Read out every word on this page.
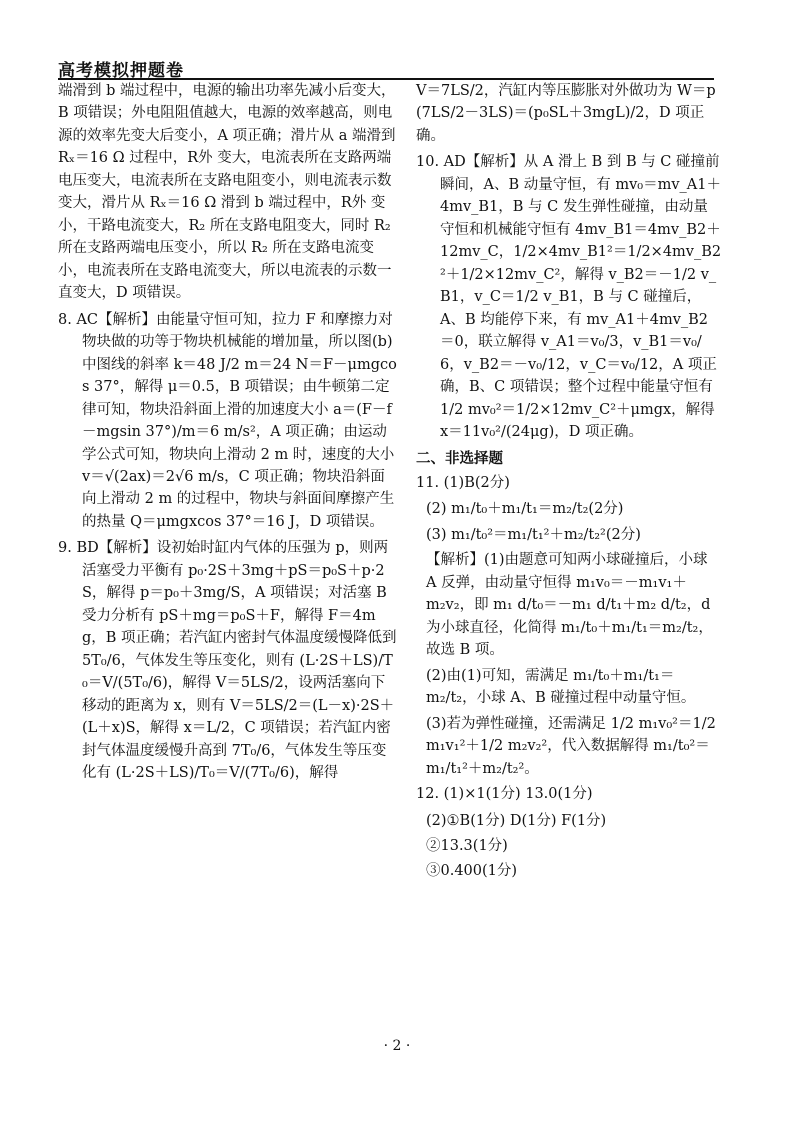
高考模拟押题卷

端滑到 b 端过程中，电源的输出功率先减小后变大，B 项错误；外电阻阻值越大，电源的效率越高，则电源的效率先变大后变小，A 项正确；滑片从 a 端滑到 Rₓ＝16 Ω 过程中，R外 变大，电流表所在支路两端电压变大，电流表所在支路电阻变小，则电流表示数变大，滑片从 Rₓ＝16 Ω 滑到 b 端过程中，R外 变小，干路电流变大，R₂ 所在支路电阻变大，同时 R₂ 所在支路两端电压变小，所以 R₂ 所在支路电流变小，电流表所在支路电流变大，所以电流表的示数一直变大，D 项错误。

8. AC【解析】由能量守恒可知，拉力 F 和摩擦力对物块做的功等于物块机械能的增加量，所以图(b)中图线的斜率 k＝48 J/2 m＝24 N＝F－μmgcos 37°，解得 μ＝0.5，B 项错误；由牛顿第二定律可知，物块沿斜面上滑的加速度大小 a＝(F－f－mgsin 37°)/m＝6 m/s²，A 项正确；由运动学公式可知，物块向上滑动 2 m 时，速度的大小 v＝√(2ax)＝2√6 m/s，C 项正确；物块沿斜面向上滑动 2 m 的过程中，物块与斜面间摩擦产生的热量 Q＝μmgxcos 37°＝16 J，D 项错误。

9. BD【解析】设初始时缸内气体的压强为 p，则两活塞受力平衡有 p₀·2S＋3mg＋pS＝p₀S＋p·2S，解得 p＝p₀＋3mg/S，A 项错误；对活塞 B 受力分析有 pS＋mg＝p₀S＋F，解得 F＝4mg，B 项正确；若汽缸内密封气体温度缓慢降低到 5T₀/6，气体发生等压变化，则有 (L·2S＋LS)/T₀＝V/(5T₀/6)，解得 V＝5LS/2，设两活塞向下移动的距离为 x，则有 V＝5LS/2＝(L－x)·2S＋(L＋x)S，解得 x＝L/2，C 项错误；若汽缸内密封气体温度缓慢升高到 7T₀/6，气体发生等压变化有 (L·2S＋LS)/T₀＝V/(7T₀/6)，解得

V＝7LS/2，汽缸内等压膨胀对外做功为 W＝p(7LS/2－3LS)＝(p₀SL＋3mgL)/2，D 项正确。

10. AD【解析】从 A 滑上 B 到 B 与 C 碰撞前瞬间，A、B 动量守恒，有 mv₀＝mv_A1＋4mv_B1，B 与 C 发生弹性碰撞，由动量守恒和机械能守恒有 4mv_B1＝4mv_B2＋12mv_C，1/2×4mv_B1²＝1/2×4mv_B2²＋1/2×12mv_C²，解得 v_B2＝－1/2 v_B1，v_C＝1/2 v_B1，B 与 C 碰撞后，A、B 均能停下来，有 mv_A1＋4mv_B2＝0，联立解得 v_A1＝v₀/3，v_B1＝v₀/6，v_B2＝－v₀/12，v_C＝v₀/12，A 项正确，B、C 项错误；整个过程中能量守恒有 1/2 mv₀²＝1/2×12mv_C²＋μmgx，解得 x＝11v₀²/(24μg)，D 项正确。

二、非选择题

11. (1)B(2分)

(2) m₁/t₀＋m₁/t₁＝m₂/t₂(2分)

(3) m₁/t₀²＝m₁/t₁²＋m₂/t₂²(2分)

【解析】(1)由题意可知两小球碰撞后，小球 A 反弹，由动量守恒得 m₁v₀＝－m₁v₁＋m₂v₂，即 m₁ d/t₀＝－m₁ d/t₁＋m₂ d/t₂，d 为小球直径，化简得 m₁/t₀＋m₁/t₁＝m₂/t₂，故选 B 项。

(2)由(1)可知，需满足 m₁/t₀＋m₁/t₁＝m₂/t₂，小球 A、B 碰撞过程中动量守恒。

(3)若为弹性碰撞，还需满足 1/2 m₁v₀²＝1/2 m₁v₁²＋1/2 m₂v₂²，代入数据解得 m₁/t₀²＝m₁/t₁²＋m₂/t₂²。

12. (1)×1(1分) 13.0(1分)

(2)①B(1分) D(1分) F(1分)

②13.3(1分)

③0.400(1分)

· 2 ·
